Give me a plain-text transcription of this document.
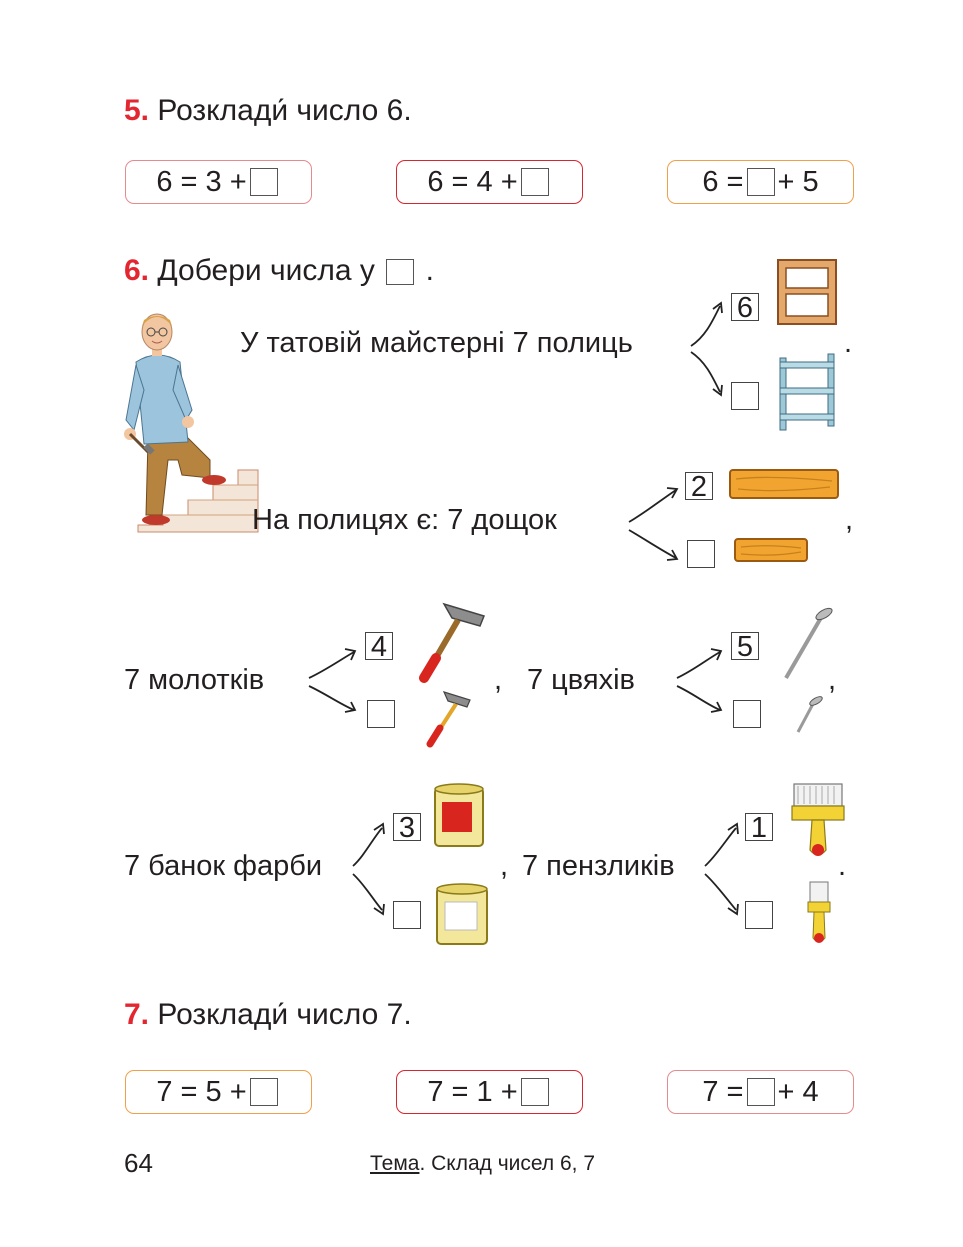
5. Розклади́ число 6.
6 = 3 +	6 = 4 +	6 = + 5
6. Добери числа у .
У татовій майстерні 7 полиць
6
.
На полицях є: 7 дощок
2
,
7 молотків
4
, 7 цвяхів
5
,
7 банок фарби
3
, 7 пензликів
1
.
7. Розклади́ число 7.
7 = 5 +	7 = 1 +	7 = + 4
64	Тема. Склад чисел 6, 7
